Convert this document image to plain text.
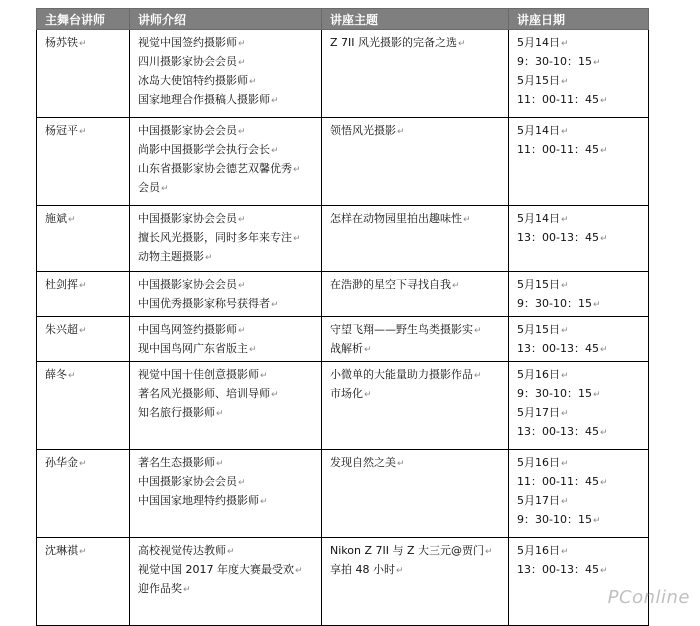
主舞台讲师	讲师介绍	讲座主题	讲座日期

杨苏铁↵	视觉中国签约摄影师↵
四川摄影家协会会员↵
冰岛大使馆特约摄影师↵
国家地理合作摄稿人摄影师↵	Z 7II 风光摄影的完备之选↵	5月14日↵
9：30-10：15↵
5月15日↵
11：00-11：45↵

杨冠平↵	中国摄影家协会会员↵
尚影中国摄影学会执行会长↵
山东省摄影家协会德艺双馨优秀↵
会员↵	领悟风光摄影↵	5月14日↵
11：00-11：45↵

施斌↵	中国摄影家协会会员↵
擅长风光摄影，同时多年来专注↵
动物主题摄影↵	怎样在动物园里拍出趣味性↵	5月14日↵
13：00-13：45↵

杜剑挥↵	中国摄影家协会会员↵
中国优秀摄影家称号获得者↵	在浩渺的星空下寻找自我↵	5月15日↵
9：30-10：15↵

朱兴超↵	中国鸟网签约摄影师↵
现中国鸟网广东省版主↵	守望飞翔——野生鸟类摄影实↵
战解析↵	5月15日↵
13：00-13：45↵

薛冬↵	视觉中国十佳创意摄影师↵
著名风光摄影师、培训导师↵
知名旅行摄影师↵	小微单的大能量助力摄影作品↵
市场化↵	5月16日↵
9：30-10：15↵
5月17日↵
13：00-13：45↵

孙华金↵	著名生态摄影师↵
中国摄影家协会会员↵
中国国家地理特约摄影师↵	发现自然之美↵	5月16日↵
11：00-11：45↵
5月17日↵
9：30-10：15↵

沈琳祺↵	高校视觉传达教师↵
视觉中国 2017 年度大赛最受欢↵
迎作品奖↵	Nikon Z 7II 与 Z 大三元@贾门↵
享拍 48 小时↵	5月16日↵
13：00-13：45↵
PConline
